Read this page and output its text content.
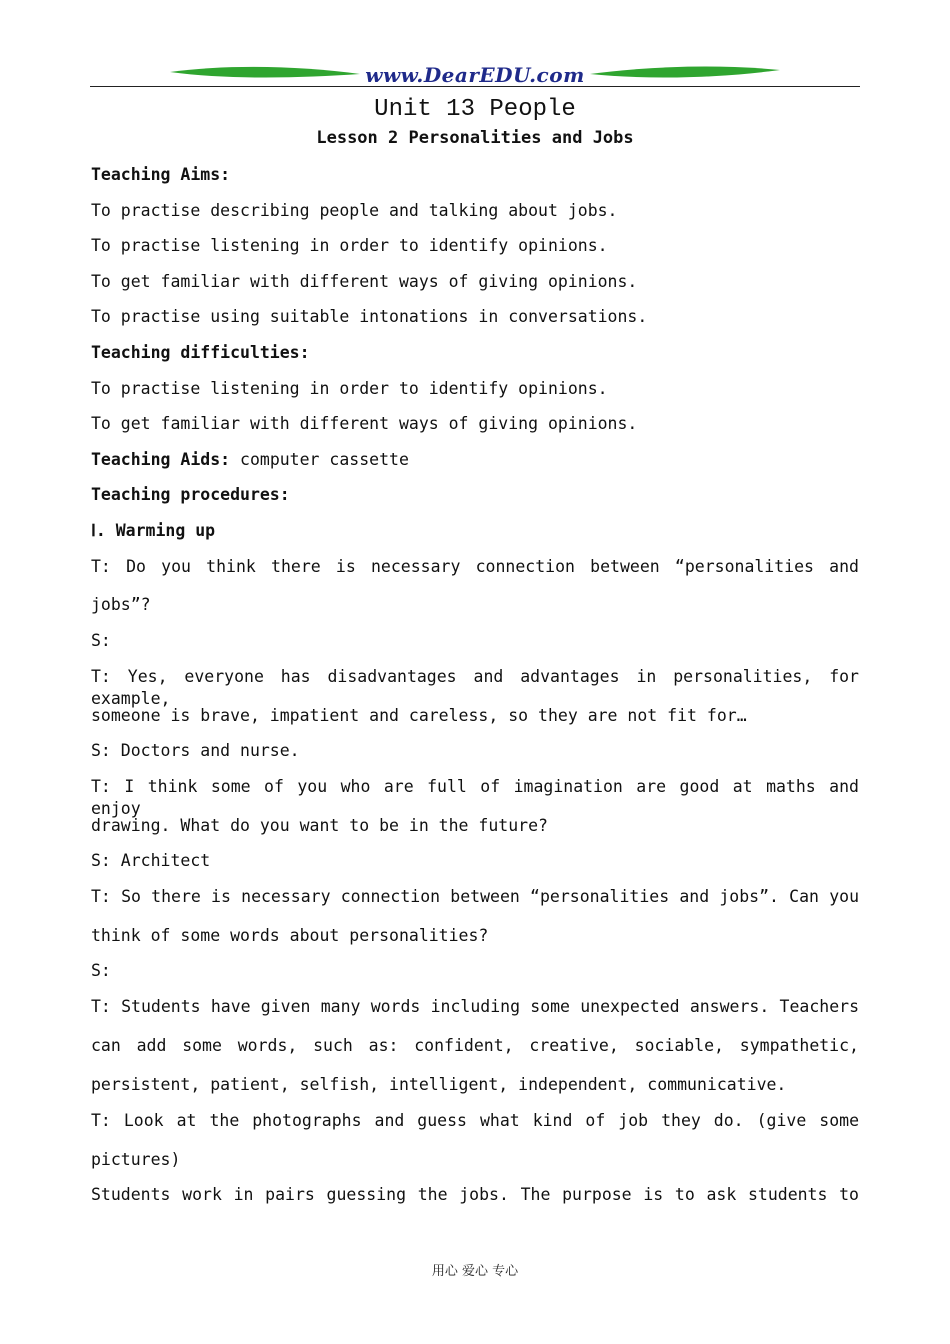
www.DearEDU.com
Unit 13 People
Lesson 2 Personalities and Jobs
Teaching Aims:
To practise describing people and talking about jobs.
To practise listening in order to identify opinions.
To get familiar with different ways of giving opinions.
To practise using suitable intonations in conversations.
Teaching difficulties:
To practise listening in order to identify opinions.
To get familiar with different ways of giving opinions.
Teaching Aids: computer cassette
Teaching procedures:
Ⅰ. Warming up
T: Do you think there is necessary connection between “personalities and
jobs”?
S:
T: Yes, everyone has disadvantages and advantages in personalities, for example,
someone is brave, impatient and careless, so they are not fit for…
S: Doctors and nurse.
T: I think some of you who are full of imagination are good at maths and enjoy
drawing. What do you want to be in the future?
S: Architect
T: So there is necessary connection between “personalities and jobs”. Can you
think of some words about personalities?
S:
T: Students have given many words including some unexpected answers. Teachers
can add some words, such as: confident, creative, sociable, sympathetic,
persistent, patient, selfish, intelligent, independent, communicative.
T: Look at the photographs and guess what kind of job they do. (give some
pictures)
Students work in pairs guessing the jobs. The purpose is to ask students to
用心 爱心 专心
